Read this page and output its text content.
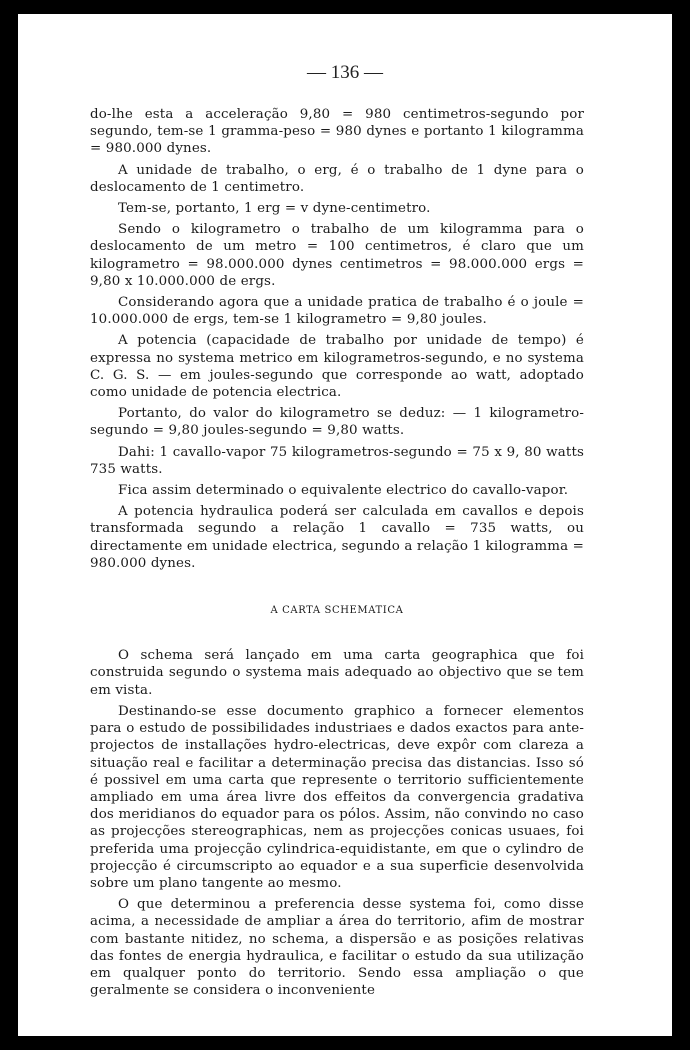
— 136 —

do-lhe esta a acceleração 9,80 = 980 centimetros-segundo por segundo, tem-se 1 gramma-peso = 980 dynes e portanto 1 kilogramma = 980.000 dynes.

A unidade de trabalho, o erg, é o trabalho de 1 dyne para o deslocamento de 1 centimetro.

Tem-se, portanto, 1 erg = v dyne-centimetro.

Sendo o kilogrametro o trabalho de um kilogramma para o deslocamento de um metro = 100 centimetros, é claro que um kilogrametro = 98.000.000 dynes centimetros = 98.000.000 ergs = 9,80 x 10.000.000 de ergs.

Considerando agora que a unidade pratica de trabalho é o joule = 10.000.000 de ergs, tem-se 1 kilogrametro = 9,80 joules.

A potencia (capacidade de trabalho por unidade de tempo) é expressa no systema metrico em kilogrametros-segundo, e no systema C. G. S. — em joules-segundo que corresponde ao watt, adoptado como unidade de potencia electrica.

Portanto, do valor do kilogrametro se deduz: — 1 kilogrametro-segundo = 9,80 joules-segundo = 9,80 watts.

Dahi: 1 cavallo-vapor 75 kilogrametros-segundo = 75 x 9, 80 watts 735 watts.

Fica assim determinado o equivalente electrico do cavallo-vapor.

A potencia hydraulica poderá ser calculada em cavallos e depois transformada segundo a relação 1 cavallo = 735 watts, ou directamente em unidade electrica, segundo a relação 1 kilogramma = 980.000 dynes.

A CARTA SCHEMATICA

O schema será lançado em uma carta geographica que foi construida segundo o systema mais adequado ao objectivo que se tem em vista.

Destinando-se esse documento graphico a fornecer elementos para o estudo de possibilidades industriaes e dados exactos para ante-projectos de installações hydro-electricas, deve expôr com clareza a situação real e facilitar a determinação precisa das distancias. Isso só é possivel em uma carta que represente o territorio sufficientemente ampliado em uma área livre dos effeitos da convergencia gradativa dos meridianos do equador para os pólos. Assim, não convindo no caso as projecções stereographicas, nem as projecções conicas usuaes, foi preferida uma projecção cylindrica-equidistante, em que o cylindro de projecção é circumscripto ao equador e a sua superficie desenvolvida sobre um plano tangente ao mesmo.

O que determinou a preferencia desse systema foi, como disse acima, a necessidade de ampliar a área do territorio, afim de mostrar com bastante nitidez, no schema, a dispersão e as posições relativas das fontes de energia hydraulica, e facilitar o estudo da sua utilização em qualquer ponto do territorio. Sendo essa ampliação o que geralmente se considera o inconveniente
